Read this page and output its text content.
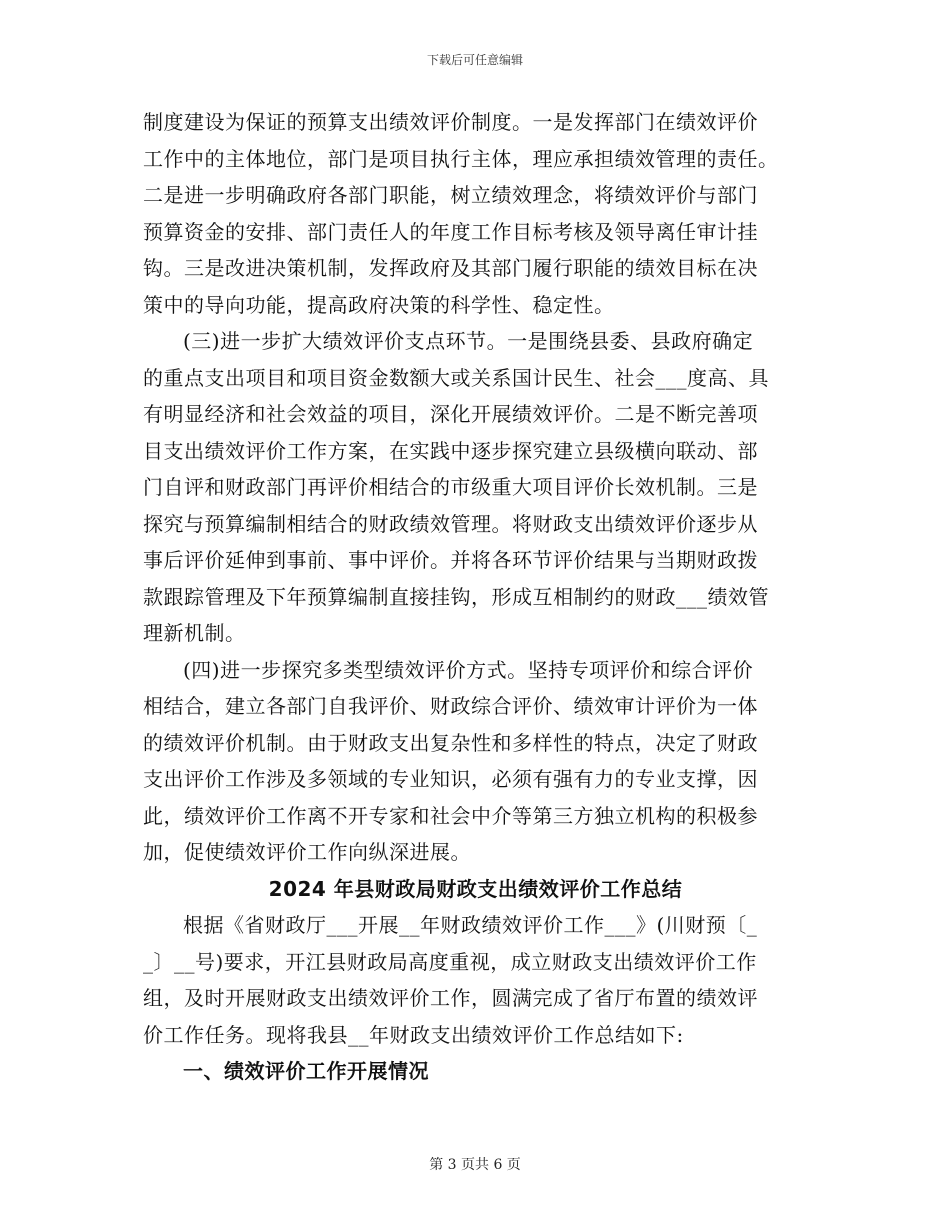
下载后可任意编辑
制度建设为保证的预算支出绩效评价制度。一是发挥部门在绩效评价
工作中的主体地位，部门是项目执行主体，理应承担绩效管理的责任。
二是进一步明确政府各部门职能，树立绩效理念，将绩效评价与部门
预算资金的安排、部门责任人的年度工作目标考核及领导离任审计挂
钩。三是改进决策机制，发挥政府及其部门履行职能的绩效目标在决
策中的导向功能，提高政府决策的科学性、稳定性。
(三)进一步扩大绩效评价支点环节。一是围绕县委、县政府确定
的重点支出项目和项目资金数额大或关系国计民生、社会___度高、具
有明显经济和社会效益的项目，深化开展绩效评价。二是不断完善项
目支出绩效评价工作方案，在实践中逐步探究建立县级横向联动、部
门自评和财政部门再评价相结合的市级重大项目评价长效机制。三是
探究与预算编制相结合的财政绩效管理。将财政支出绩效评价逐步从
事后评价延伸到事前、事中评价。并将各环节评价结果与当期财政拨
款跟踪管理及下年预算编制直接挂钩，形成互相制约的财政___绩效管
理新机制。
(四)进一步探究多类型绩效评价方式。坚持专项评价和综合评价
相结合，建立各部门自我评价、财政综合评价、绩效审计评价为一体
的绩效评价机制。由于财政支出复杂性和多样性的特点，决定了财政
支出评价工作涉及多领域的专业知识，必须有强有力的专业支撑，因
此，绩效评价工作离不开专家和社会中介等第三方独立机构的积极参
加，促使绩效评价工作向纵深进展。
2024 年县财政局财政支出绩效评价工作总结
根据《省财政厅___开展__年财政绩效评价工作___》(川财预〔_
_〕__号)要求，开江县财政局高度重视，成立财政支出绩效评价工作
组，及时开展财政支出绩效评价工作，圆满完成了省厅布置的绩效评
价工作任务。现将我县__年财政支出绩效评价工作总结如下:
一、绩效评价工作开展情况
第 3 页共 6 页
